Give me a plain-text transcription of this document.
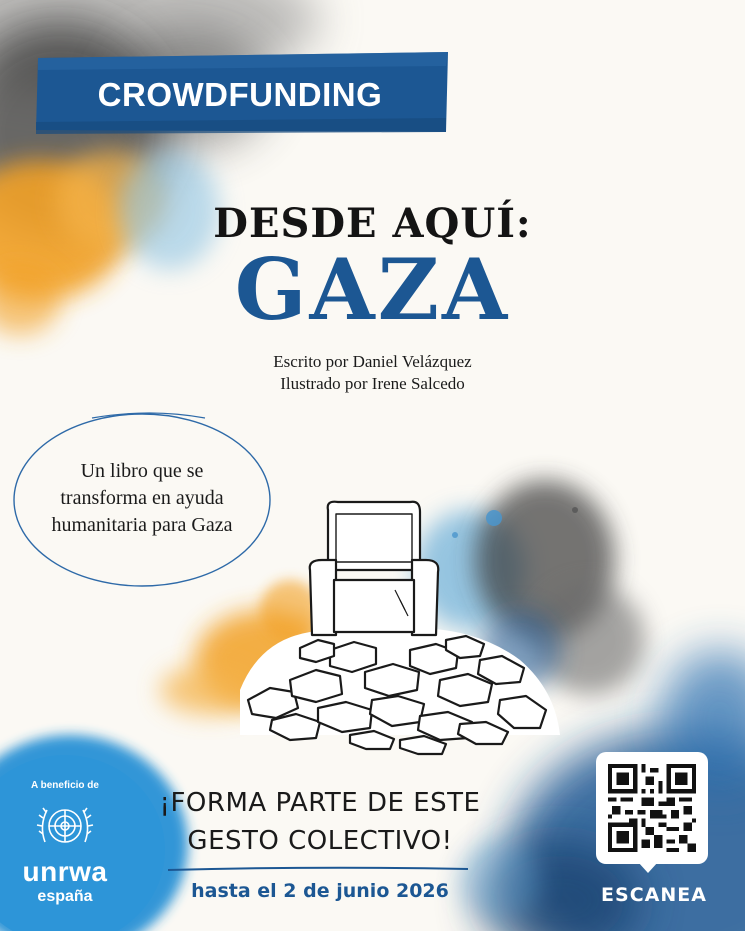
CROWDFUNDING
DESDE AQUÍ:
GAZA
Escrito por Daniel Velázquez
Ilustrado por Irene Salcedo
Un libro que se
transforma en ayuda
humanitaria para Gaza
¡FORMA PARTE DE ESTE
GESTO COLECTIVO!
hasta el 2 de junio 2026
A beneficio de
unrwa
españa	ESCANEA
